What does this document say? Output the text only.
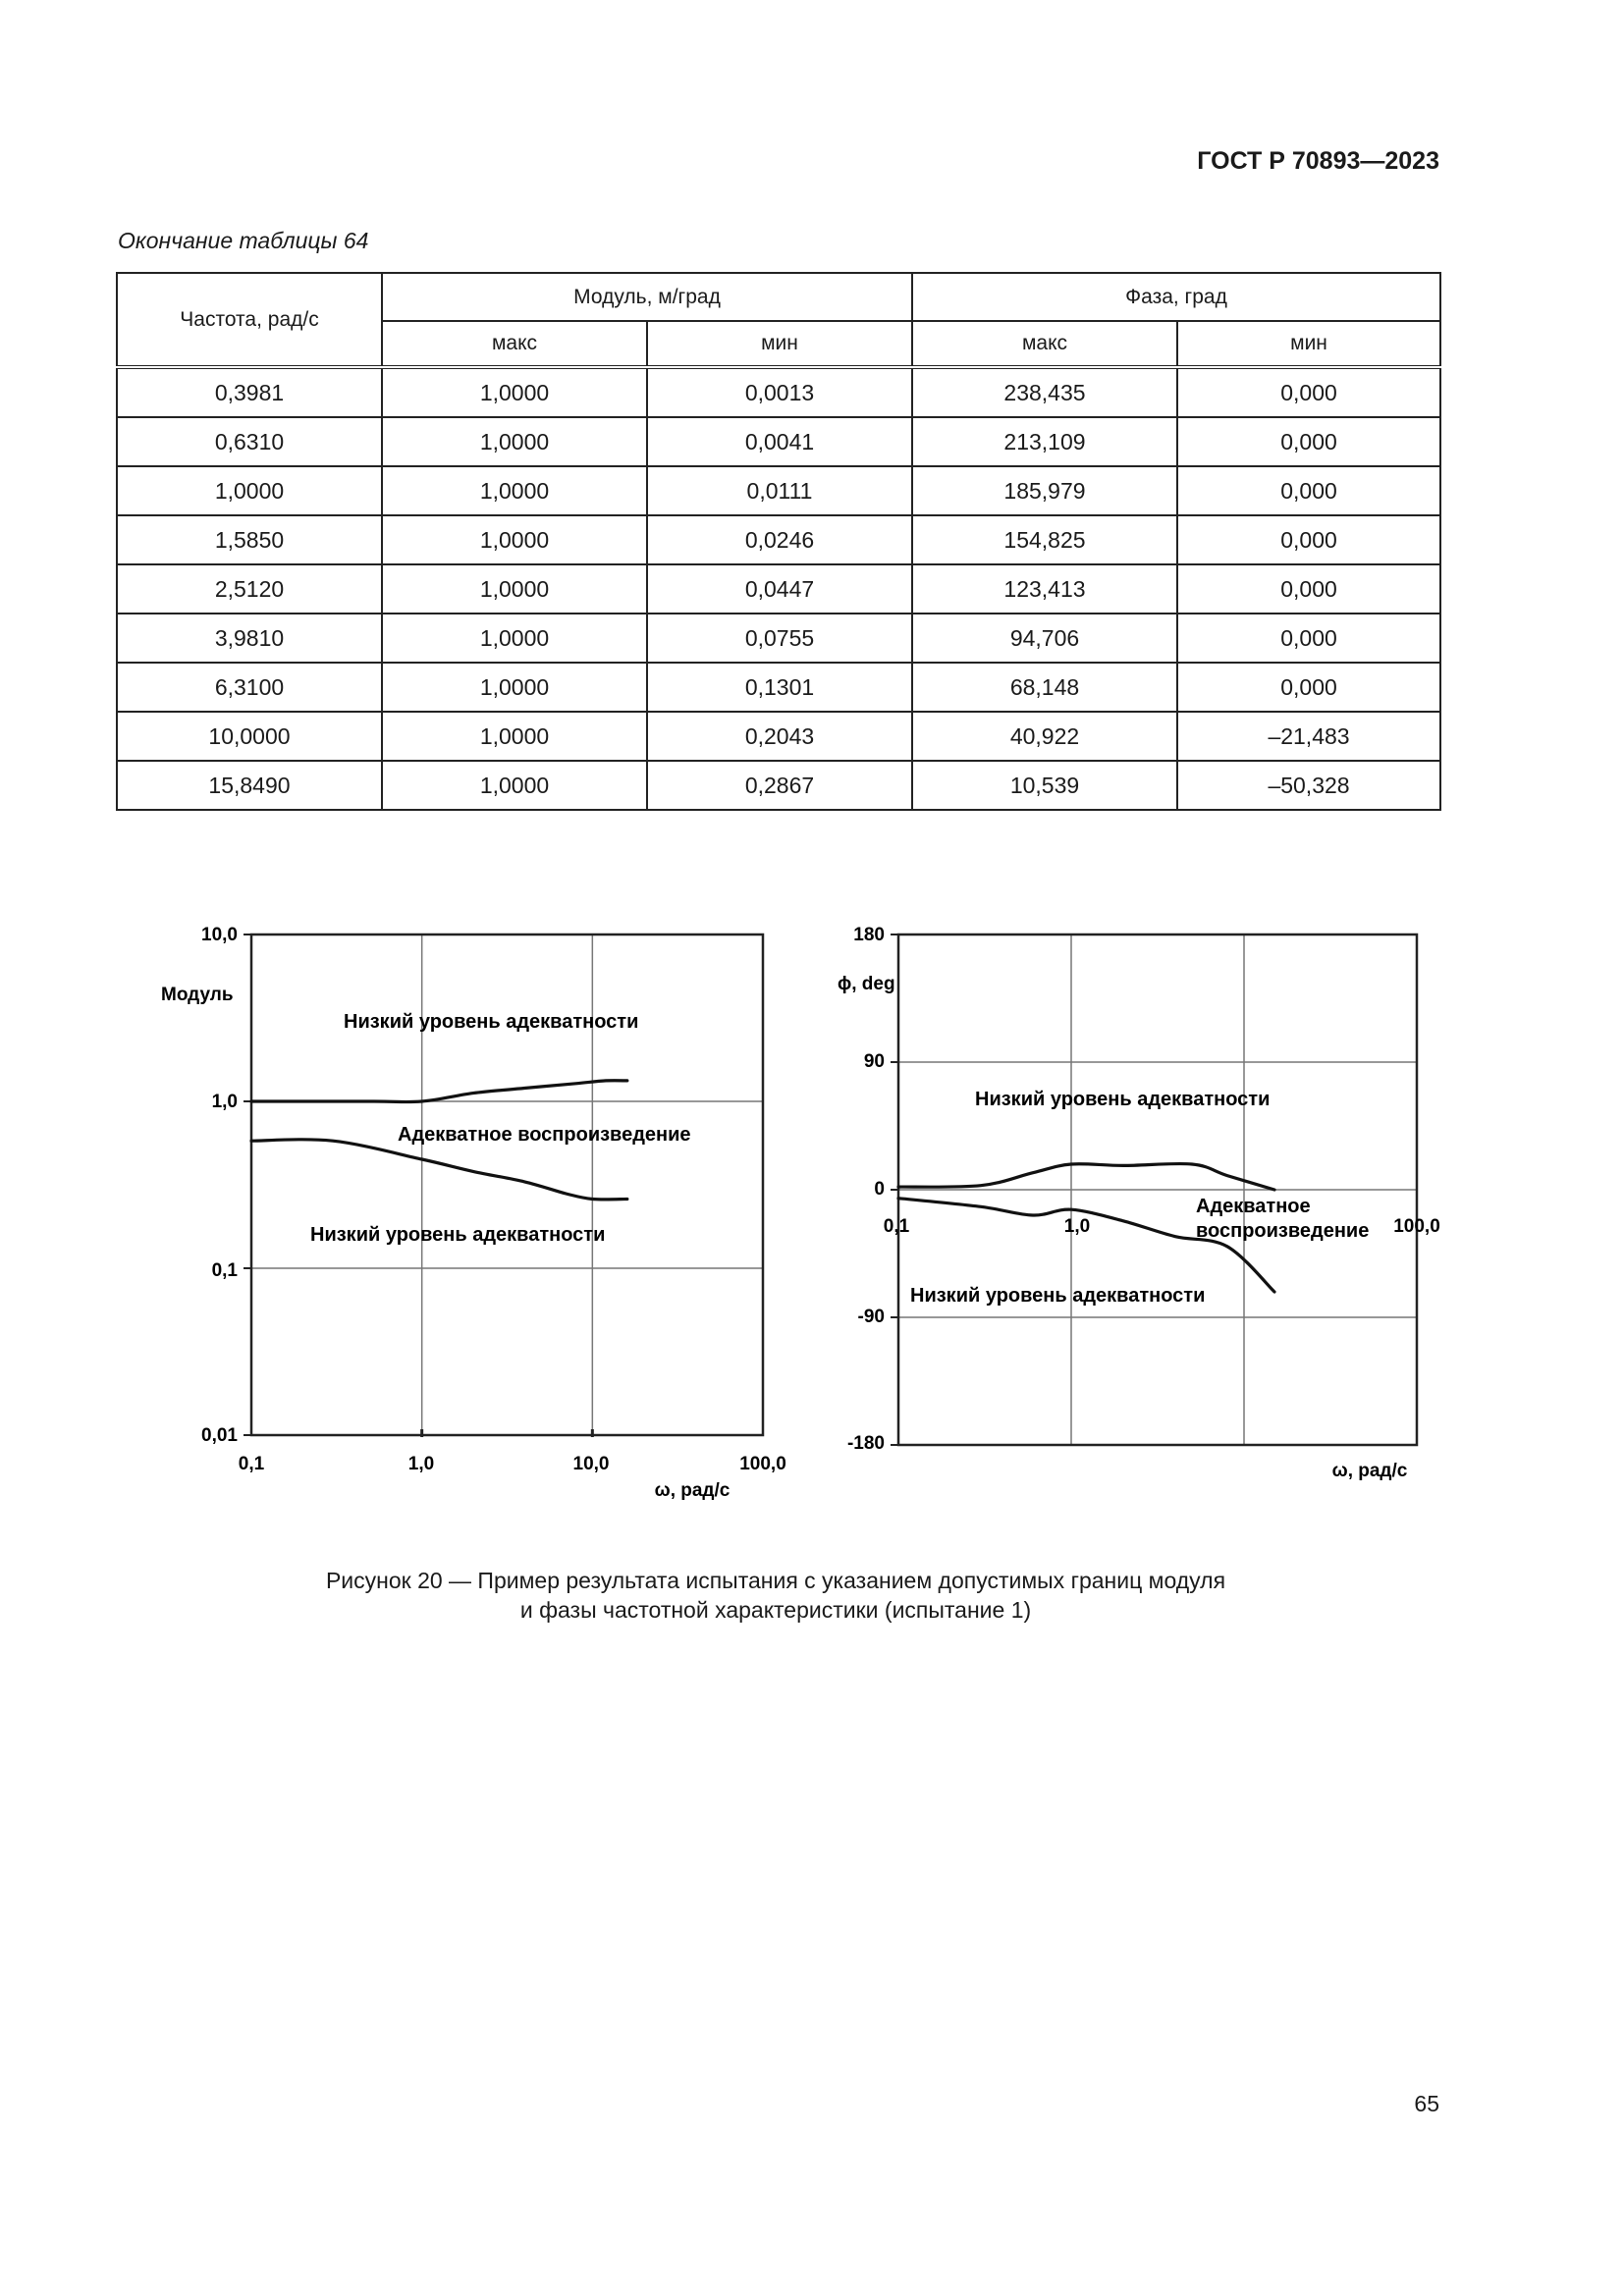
ГОСТ Р 70893—2023
Окончание таблицы 64
Частота, рад/с	Модуль, м/град		Фаза, град	
	макс	мин	макс	мин
0,3981	1,0000	0,0013	238,435	0,000
0,6310	1,0000	0,0041	213,109	0,000
1,0000	1,0000	0,0111	185,979	0,000
1,5850	1,0000	0,0246	154,825	0,000
2,5120	1,0000	0,0447	123,413	0,000
3,9810	1,0000	0,0755	94,706	0,000
6,3100	1,0000	0,1301	68,148	0,000
10,0000	1,0000	0,2043	40,922	–21,483
15,8490	1,0000	0,2867	10,539	–50,328
Модуль
ω, рад/с
10,0
1,0
0,1
0,01
0,1	1,0	10,0	100,0
Низкий уровень адекватности
Адекватное воспроизведение
Низкий уровень адекватности
ϕ, deg
ω, рад/с
180
90
0
-90
-180
0,1	1,0	100,0
Низкий уровень адекватности
Адекватное
воспроизведение
Низкий уровень адекватности
Рисунок 20 — Пример результата испытания с указанием допустимых границ модуля
и фазы частотной характеристики (испытание 1)
65
